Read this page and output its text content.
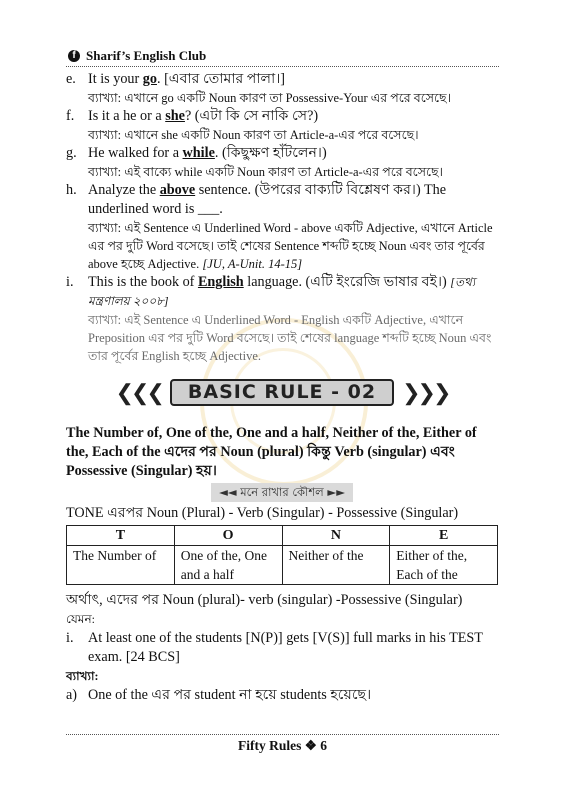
f Sharif’s English Club
e. It is your go. [এবার তোমার পালা।]
ব্যাখ্যা: এখানে go একটি Noun কারণ তা Possessive-Your এর পরে বসেছে।
f. Is it a he or a she? (এটা কি সে নাকি সে?)
ব্যাখ্যা: এখানে she একটি Noun কারণ তা Article-a-এর পরে বসেছে।
g. He walked for a while. (কিছুক্ষণ হাঁটলেন।)
ব্যাখ্যা: এই বাক্যে while একটি Noun কারণ তা Article-a-এর পরে বসেছে।
h. Analyze the above sentence. (উপরের বাক্যটি বিশ্লেষণ কর।) The underlined word is ___.
ব্যাখ্যা: এই Sentence এ Underlined Word - above একটি Adjective, এখানে Article এর পর দুটি Word বসেছে। তাই শেষের Sentence শব্দটি হচ্ছে Noun এবং তার পূর্বের above হচ্ছে Adjective. [JU, A-Unit. 14-15]
i.	This is the book of English language. (এটি ইংরেজি ভাষার বই।) [তথ্য মন্ত্রণালয় ২০০৮]
ব্যাখ্যা: এই Sentence এ Underlined Word - English একটি Adjective, এখানে Preposition এর পর দুটি Word বসেছে। তাই শেষের language শব্দটি হচ্ছে Noun এবং তার পূর্বের English হচ্ছে Adjective.
❮❮❮	BASIC RULE - 02	❯❯❯
The Number of, One of the, One and a half, Neither of the, Either of the, Each of the এদের পর Noun (plural) কিন্তু Verb (singular) এবং Possessive (Singular) হয়।
◄◄ মনে রাখার কৌশল ►►
TONE এরপর Noun (Plural) - Verb (Singular) - Possessive (Singular)
T	O	N	E
The Number of	One of the, One and a half	Neither of the	Either of the, Each of the
অর্থাৎ, এদের পর Noun (plural)- verb (singular) -Possessive (Singular)
যেমন:
i.	At least one of the students [N(P)] gets [V(S)] full marks in his TEST exam. [24 BCS]
ব্যাখ্যা:
a) One of the এর পর student না হয়ে students হয়েছে।
Fifty Rules ❖ 6
